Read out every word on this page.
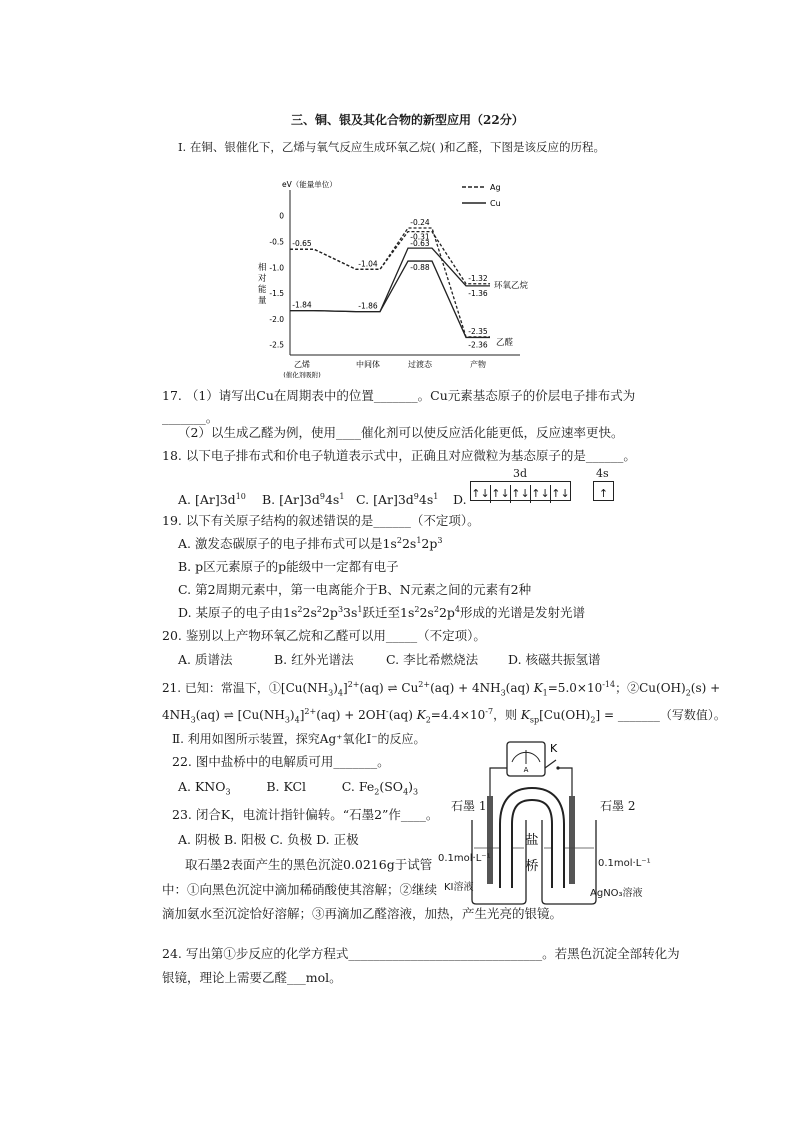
三、铜、银及其化合物的新型应用（22分）
Ⅰ. 在铜、银催化下，乙烯与氧气反应生成环氧乙烷( )和乙醛，下图是该反应的历程。
eV（能量单位）
相
对
能
量
0
-0.5
-1.0
-1.5
-2.0
-2.5
乙烯	中间体	过渡态	产物
(催化剂吸附)
Ag
Cu
-0.65
-1.84
-1.04
-1.86
-0.24
-0.31
-0.63
-0.88
-1.32
-1.36
-2.35
-2.36
环氧乙烷
乙醛
17. （1）请写出Cu在周期表中的位置_______。Cu元素基态原子的价层电子排布式为
_______。
（2）以生成乙醛为例，使用____催化剂可以使反应活化能更低，反应速率更快。
18. 以下电子排布式和价电子轨道表示式中，正确且对应微粒为基态原子的是______。
A. $[Ar]3d^{10}$ B. $[Ar]3d^94s^1$ C. $[Ar]3d^94s^1$ D.
3d	4s
↑↓ ↑↓ ↑↓ ↑↓ ↑↓	↑
19. 以下有关原子结构的叙述错误的是______（不定项）。
A. 激发态碳原子的电子排布式可以是$1s^22s^12p^3$
B. p区元素原子的p能级中一定都有电子
C. 第2周期元素中，第一电离能介于B、N元素之间的元素有2种
D. 某原子的电子由$1s^22s^22p^33s^1$跃迁至$1s^22s^22p^4$形成的光谱是发射光谱
20. 鉴别以上产物环氧乙烷和乙醛可以用_____（不定项）。
A. 质谱法	B. 红外光谱法	C. 李比希燃烧法 D. 核磁共振氢谱
21. 已知：常温下，$①[Cu(NH_3)_4]^{2+}(aq)$ ⇌ $Cu^{2+}(aq) + 4NH_3(aq)$ $K_1=5.0\times 10^{-14}$；$②Cu(OH)_2(s)$ +
$4NH_3(aq)$ ⇌ $[Cu(NH_3)_4]^{2+}(aq) + 2OH^-(aq)$ $K_2=4.4\times 10^{-7}$，则 $K_{sp}[Cu(OH)_2]$ = _______（写数值）。
Ⅱ. 利用如图所示装置，探究Ag⁺氧化I⁻的反应。
22. 图中盐桥中的电解质可用_______。
A. $KNO_3$         B. KCl         C. $Fe_2(SO_4)_3$
23. 闭合K，电流计指针偏转。“石墨2”作____。
A. 阴极 B. 阳极 C. 负极 D. 正极
取石墨2表面产生的黑色沉淀0.0216g于试管
中：①向黑色沉淀中滴加稀硝酸使其溶解；②继续
滴加氨水至沉淀恰好溶解；③再滴加乙醛溶液，加热，产生光亮的银镜。
24. 写出第①步反应的化学方程式_______________________________。若黑色沉淀全部转化为
银镜，理论上需要乙醛___mol。
A
K
盐
桥
石墨 1	石墨 2
0.1mol·L⁻¹	0.1mol·L⁻¹
KI溶液
AgNO₃溶液
